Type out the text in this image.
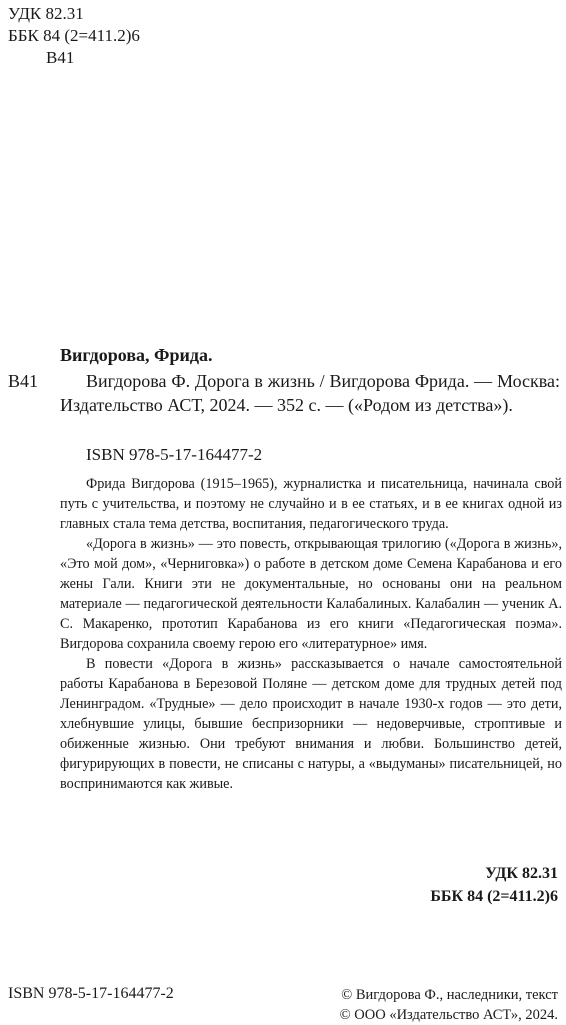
УДК 82.31
ББК 84 (2=411.2)6
В41
Вигдорова, Фрида.
В41	Вигдорова Ф. Дорога в жизнь / Вигдорова Фрида. — Москва: Издательство АСТ, 2024. — 352 с. — («Родом из детства»).
ISBN 978-5-17-164477-2

Фрида Вигдорова (1915–1965), журналистка и писательница, начинала свой путь с учительства, и поэтому не случайно и в ее статьях, и в ее книгах одной из главных стала тема детства, воспитания, педагогического труда.

«Дорога в жизнь» — это повесть, открывающая трилогию («Дорога в жизнь», «Это мой дом», «Черниговка») о работе в детском доме Семена Карабанова и его жены Гали. Книги эти не документальные, но основаны они на реальном материале — педагогической деятельности Калабалиных. Калабалин — ученик А. С. Макаренко, прототип Карабанова из его книги «Педагогическая поэма». Вигдорова сохранила своему герою его «литературное» имя.

В повести «Дорога в жизнь» рассказывается о начале самостоятельной работы Карабанова в Березовой Поляне — детском доме для трудных детей под Ленинградом. «Трудные» — дело происходит в начале 1930-х годов — это дети, хлебнувшие улицы, бывшие беспризорники — недоверчивые, строптивые и обиженные жизнью. Они требуют внимания и любви. Большинство детей, фигурирующих в повести, не списаны с натуры, а «выдуманы» писательницей, но воспринимаются как живые.

УДК 82.31
ББК 84 (2=411.2)6
ISBN 978-5-17-164477-2	© Вигдорова Ф., наследники, текст
© ООО «Издательство АСТ», 2024.
